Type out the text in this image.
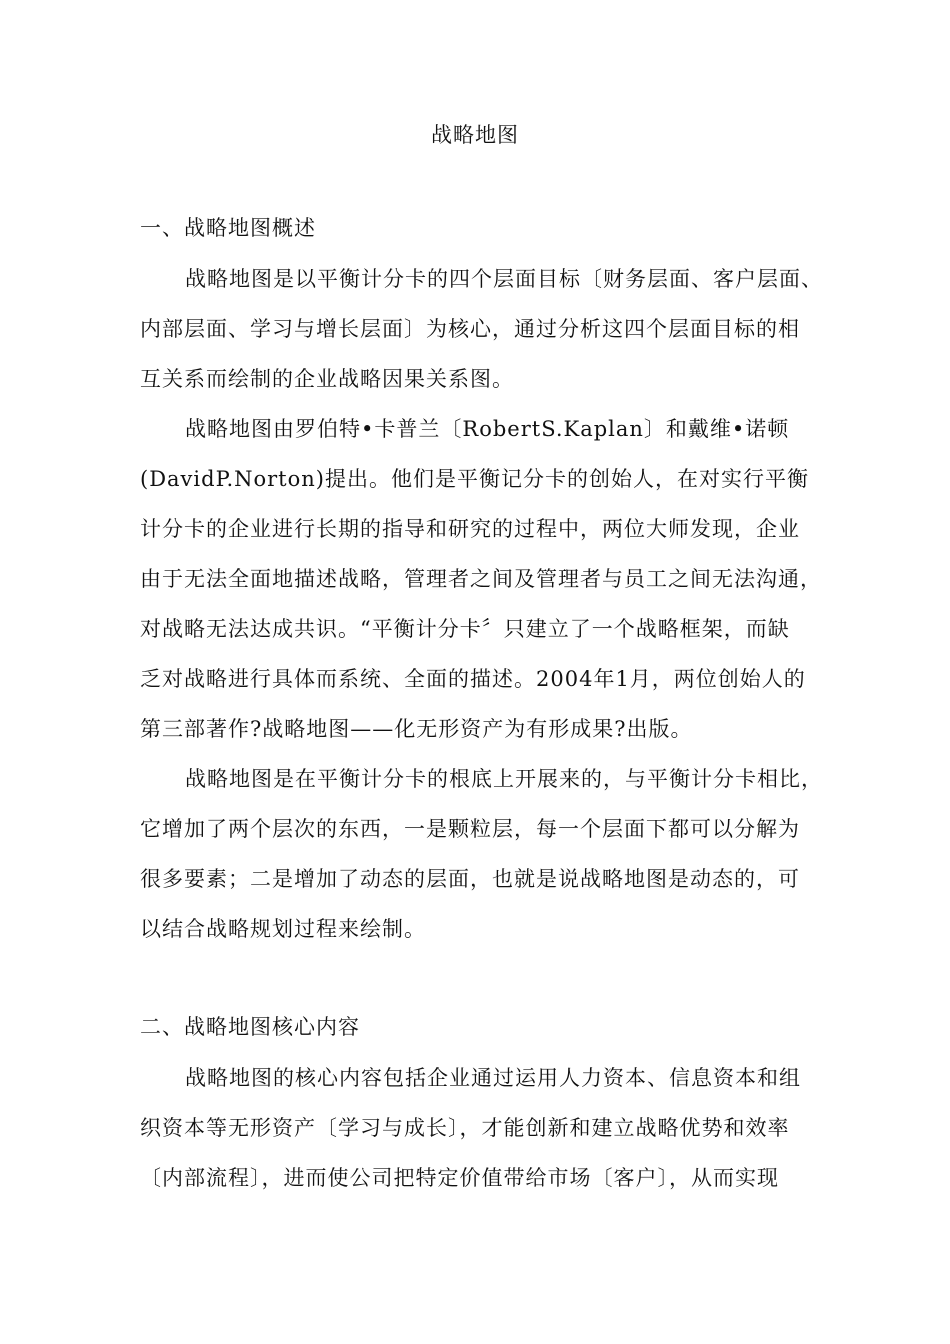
战略地图
一、战略地图概述
战略地图是以平衡计分卡的四个层面目标〔财务层面、客户层面、
内部层面、学习与增长层面〕为核心，通过分析这四个层面目标的相
互关系而绘制的企业战略因果关系图。
战略地图由罗伯特•卡普兰〔RobertS.Kaplan〕和戴维•诺顿
(DavidP.Norton)提出。他们是平衡记分卡的创始人，在对实行平衡
计分卡的企业进行长期的指导和研究的过程中，两位大师发现，企业
由于无法全面地描述战略，管理者之间及管理者与员工之间无法沟通，
对战略无法达成共识。“平衡计分卡〞只建立了一个战略框架，而缺
乏对战略进行具体而系统、全面的描述。2004年1月，两位创始人的
第三部著作?战略地图——化无形资产为有形成果?出版。
战略地图是在平衡计分卡的根底上开展来的，与平衡计分卡相比，
它增加了两个层次的东西，一是颗粒层，每一个层面下都可以分解为
很多要素；二是增加了动态的层面，也就是说战略地图是动态的，可
以结合战略规划过程来绘制。
二、战略地图核心内容
战略地图的核心内容包括企业通过运用人力资本、信息资本和组
织资本等无形资产〔学习与成长〕，才能创新和建立战略优势和效率
〔内部流程〕，进而使公司把特定价值带给市场〔客户〕，从而实现
